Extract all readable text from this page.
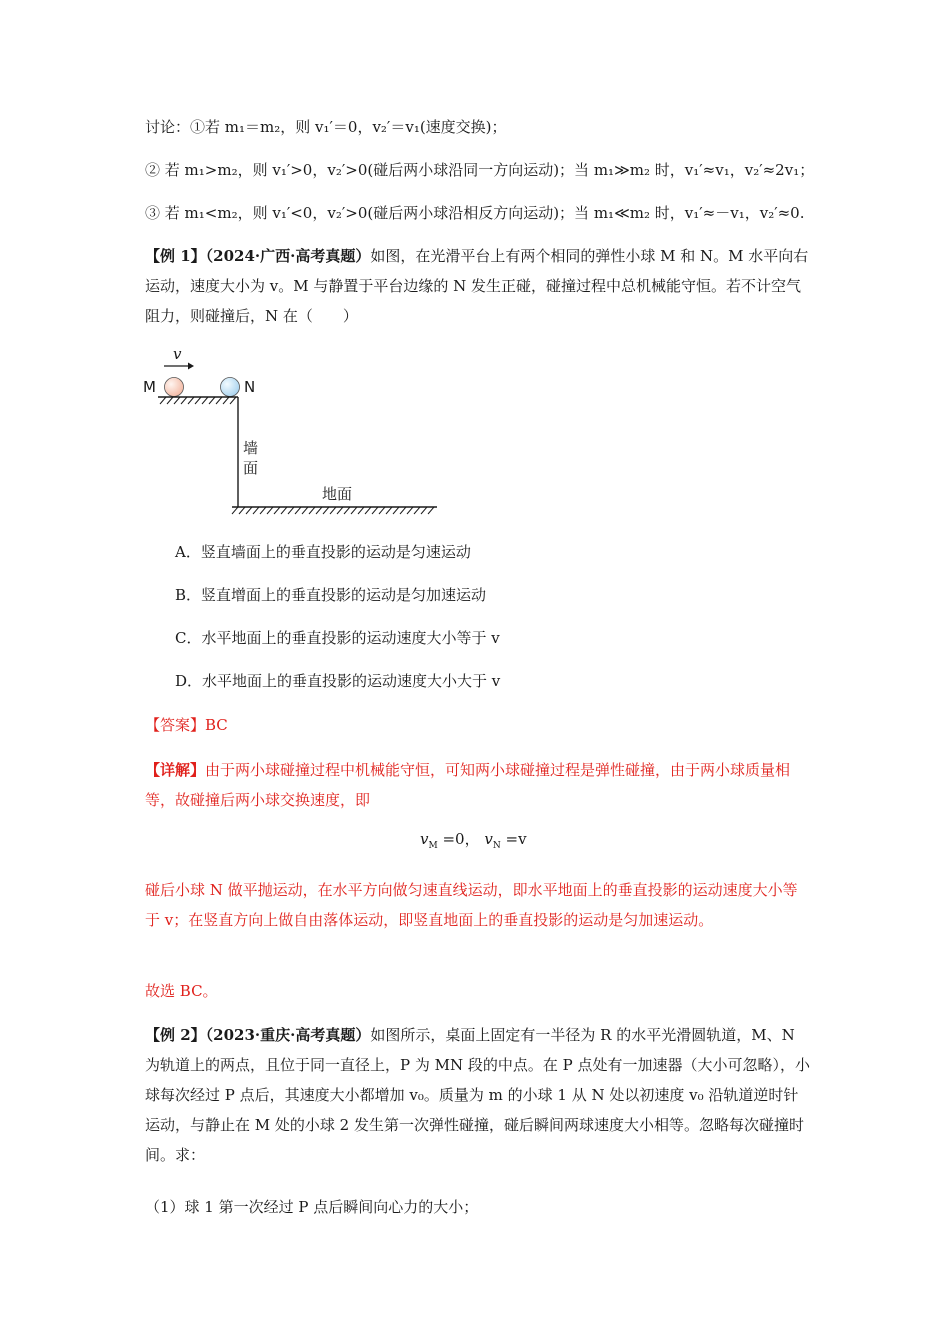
讨论：①若 m₁＝m₂，则 v₁′＝0，v₂′＝v₁(速度交换)；
② 若 m₁>m₂，则 v₁′>0，v₂′>0(碰后两小球沿同一方向运动)；当 m₁≫m₂ 时，v₁′≈v₁，v₂′≈2v₁；
③ 若 m₁<m₂，则 v₁′<0，v₂′>0(碰后两小球沿相反方向运动)；当 m₁≪m₂ 时，v₁′≈－v₁，v₂′≈0.
【例 1】（2024·广西·高考真题）如图，在光滑平台上有两个相同的弹性小球 M 和 N。M 水平向右运动，速度大小为 v。M 与静置于平台边缘的 N 发生正碰，碰撞过程中总机械能守恒。若不计空气阻力，则碰撞后，N 在（　　）
v
M	N
墙
面
地面
A．竖直墙面上的垂直投影的运动是匀速运动
B．竖直增面上的垂直投影的运动是匀加速运动
C．水平地面上的垂直投影的运动速度大小等于 v
D．水平地面上的垂直投影的运动速度大小大于 v
【答案】BC
【详解】由于两小球碰撞过程中机械能守恒，可知两小球碰撞过程是弹性碰撞，由于两小球质量相等，故碰撞后两小球交换速度，即
$v_M =0$， $v_N =v$
碰后小球 N 做平抛运动，在水平方向做匀速直线运动，即水平地面上的垂直投影的运动速度大小等于 v；在竖直方向上做自由落体运动，即竖直地面上的垂直投影的运动是匀加速运动。
故选 BC。
【例 2】（2023·重庆·高考真题）如图所示，桌面上固定有一半径为 R 的水平光滑圆轨道，M、N 为轨道上的两点，且位于同一直径上，P 为 MN 段的中点。在 P 点处有一加速器（大小可忽略），小球每次经过 P 点后，其速度大小都增加 v₀。质量为 m 的小球 1 从 N 处以初速度 v₀ 沿轨道逆时针运动，与静止在 M 处的小球 2 发生第一次弹性碰撞，碰后瞬间两球速度大小相等。忽略每次碰撞时间。求：
（1）球 1 第一次经过 P 点后瞬间向心力的大小；
